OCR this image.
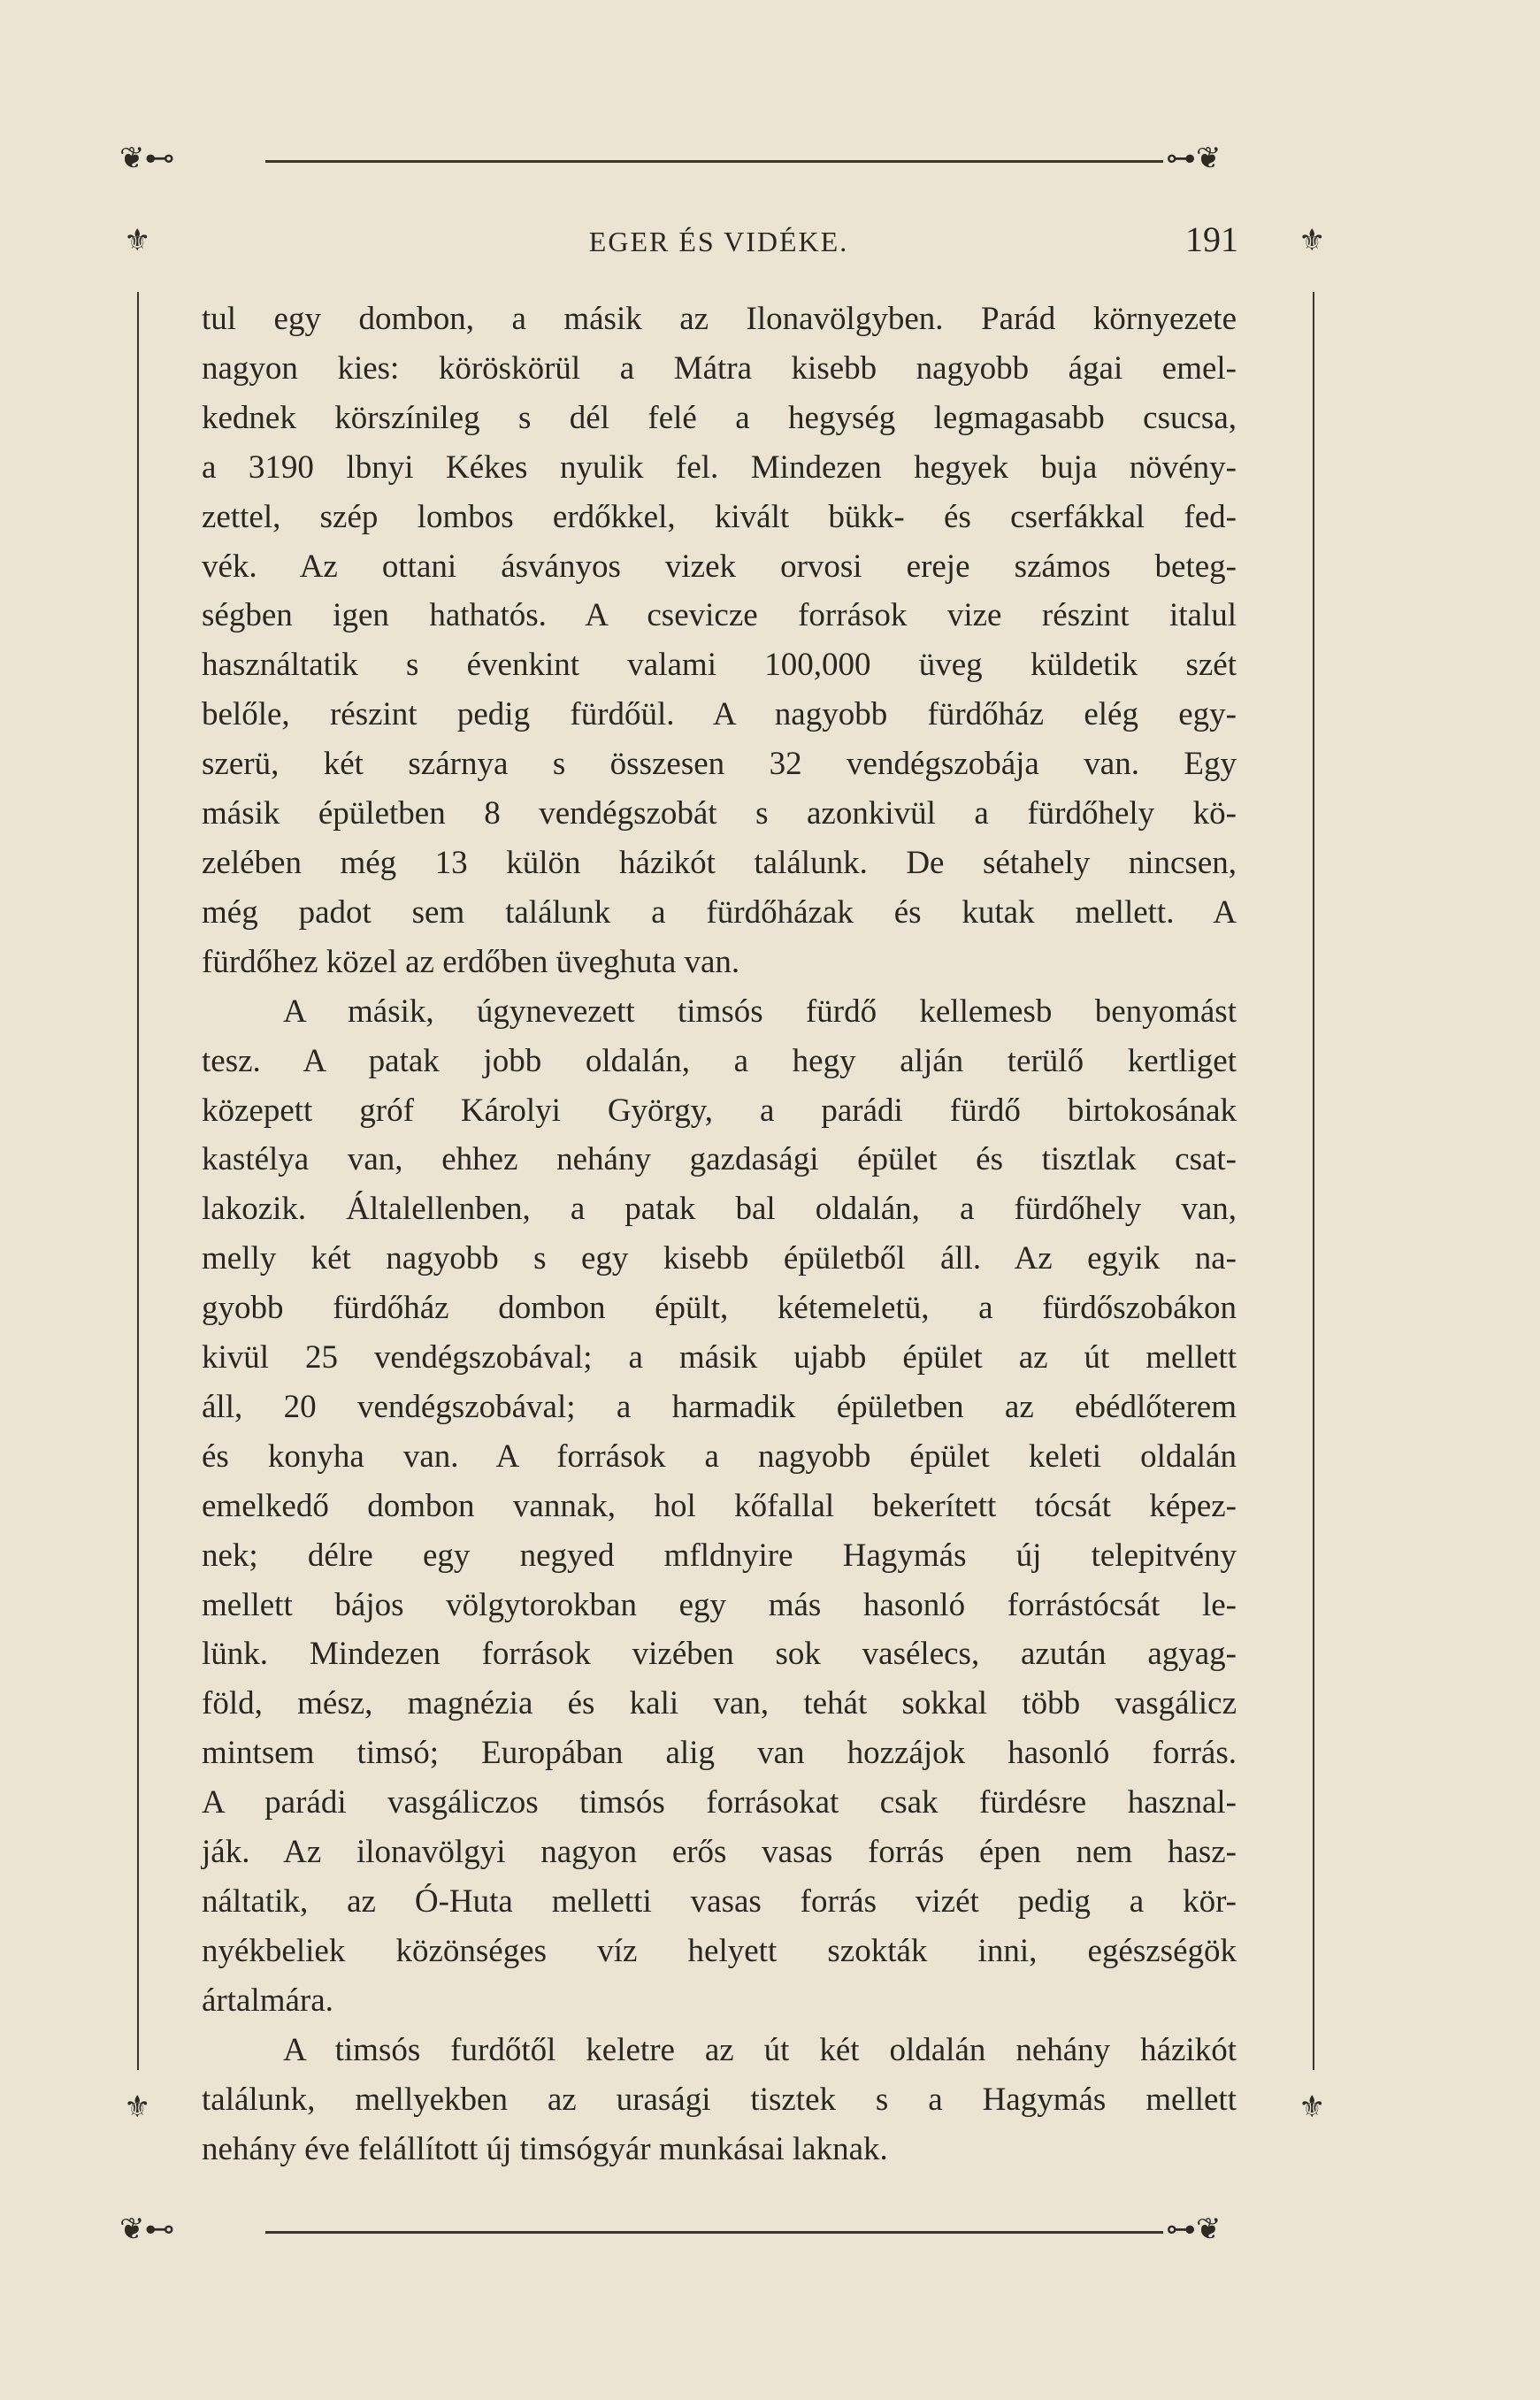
❦⊷	⊶❦
❦⊷	⊶❦
⚜	⚜
⚜	⚜
EGER ÉS VIDÉKE.	191
tul egy dombon, a másik az Ilonavölgyben. Parád környezete
nagyon kies: köröskörül a Mátra kisebb nagyobb ágai emel-
kednek körszínileg s dél felé a hegység legmagasabb csucsa,
a 3190 lbnyi Kékes nyulik fel. Mindezen hegyek buja növény-
zettel, szép lombos erdőkkel, kivált bükk- és cserfákkal fed-
vék. Az ottani ásványos vizek orvosi ereje számos beteg-
ségben igen hathatós. A csevicze források vize részint italul
használtatik s évenkint valami 100,000 üveg küldetik szét
belőle, részint pedig fürdőül. A nagyobb fürdőház elég egy-
szerü, két szárnya s összesen 32 vendégszobája van. Egy
másik épületben 8 vendégszobát s azonkivül a fürdőhely kö-
zelében még 13 külön házikót találunk. De sétahely nincsen,
még padot sem találunk a fürdőházak és kutak mellett. A
fürdőhez közel az erdőben üveghuta van.
A másik, úgynevezett timsós fürdő kellemesb benyomást
tesz. A patak jobb oldalán, a hegy alján terülő kertliget
közepett gróf Károlyi György, a parádi fürdő birtokosának
kastélya van, ehhez nehány gazdasági épület és tisztlak csat-
lakozik. Általellenben, a patak bal oldalán, a fürdőhely van,
melly két nagyobb s egy kisebb épületből áll. Az egyik na-
gyobb fürdőház dombon épült, kétemeletü, a fürdőszobákon
kivül 25 vendégszobával; a másik ujabb épület az út mellett
áll, 20 vendégszobával; a harmadik épületben az ebédlőterem
és konyha van. A források a nagyobb épület keleti oldalán
emelkedő dombon vannak, hol kőfallal bekerített tócsát képez-
nek; délre egy negyed mfldnyire Hagymás új telepitvény
mellett bájos völgytorokban egy más hasonló forrástócsát le-
lünk. Mindezen források vizében sok vasélecs, azután agyag-
föld, mész, magnézia és kali van, tehát sokkal több vasgálicz
mintsem timsó; Europában alig van hozzájok hasonló forrás.
A parádi vasgáliczos timsós forrásokat csak fürdésre hasznal-
ják. Az ilonavölgyi nagyon erős vasas forrás épen nem hasz-
náltatik, az Ó-Huta melletti vasas forrás vizét pedig a kör-
nyékbeliek közönséges víz helyett szokták inni, egészségök
ártalmára.
A timsós furdőtől keletre az út két oldalán nehány házikót
találunk, mellyekben az urasági tisztek s a Hagymás mellett
nehány éve felállított új timsógyár munkásai laknak.
